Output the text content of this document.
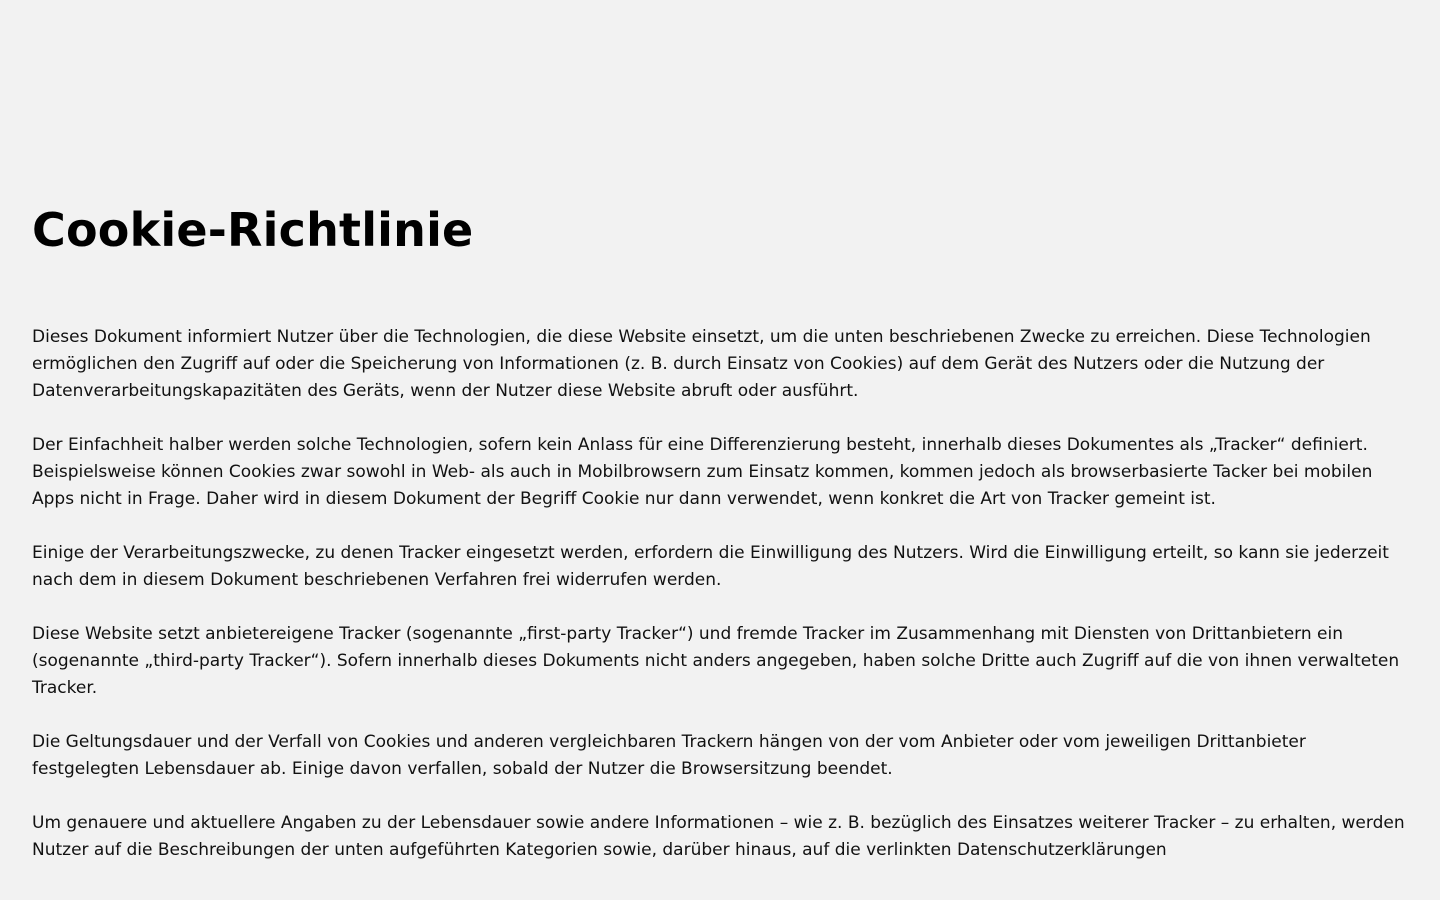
Cookie-Richtlinie

Dieses Dokument informiert Nutzer über die Technologien, die diese Website einsetzt, um die unten beschriebenen Zwecke zu erreichen. Diese Technologien ermöglichen den Zugriff auf oder die Speicherung von Informationen (z. B. durch Einsatz von Cookies) auf dem Gerät des Nutzers oder die Nutzung der Datenverarbeitungskapazitäten des Geräts, wenn der Nutzer diese Website abruft oder ausführt.

Der Einfachheit halber werden solche Technologien, sofern kein Anlass für eine Differenzierung besteht, innerhalb dieses Dokumentes als „Tracker“ definiert. Beispielsweise können Cookies zwar sowohl in Web- als auch in Mobilbrowsern zum Einsatz kommen, kommen jedoch als browserbasierte Tacker bei mobilen Apps nicht in Frage. Daher wird in diesem Dokument der Begriff Cookie nur dann verwendet, wenn konkret die Art von Tracker gemeint ist.

Einige der Verarbeitungszwecke, zu denen Tracker eingesetzt werden, erfordern die Einwilligung des Nutzers. Wird die Einwilligung erteilt, so kann sie jederzeit nach dem in diesem Dokument beschriebenen Verfahren frei widerrufen werden.

Diese Website setzt anbietereigene Tracker (sogenannte „first-party Tracker“) und fremde Tracker im Zusammenhang mit Diensten von Drittanbietern ein (sogenannte „third-party Tracker“). Sofern innerhalb dieses Dokuments nicht anders angegeben, haben solche Dritte auch Zugriff auf die von ihnen verwalteten Tracker.

Die Geltungsdauer und der Verfall von Cookies und anderen vergleichbaren Trackern hängen von der vom Anbieter oder vom jeweiligen Drittanbieter festgelegten Lebensdauer ab. Einige davon verfallen, sobald der Nutzer die Browsersitzung beendet.

Um genauere und aktuellere Angaben zu der Lebensdauer sowie andere Informationen – wie z. B. bezüglich des Einsatzes weiterer Tracker – zu erhalten, werden Nutzer auf die Beschreibungen der unten aufgeführten Kategorien sowie, darüber hinaus, auf die verlinkten Datenschutzerklärungen
